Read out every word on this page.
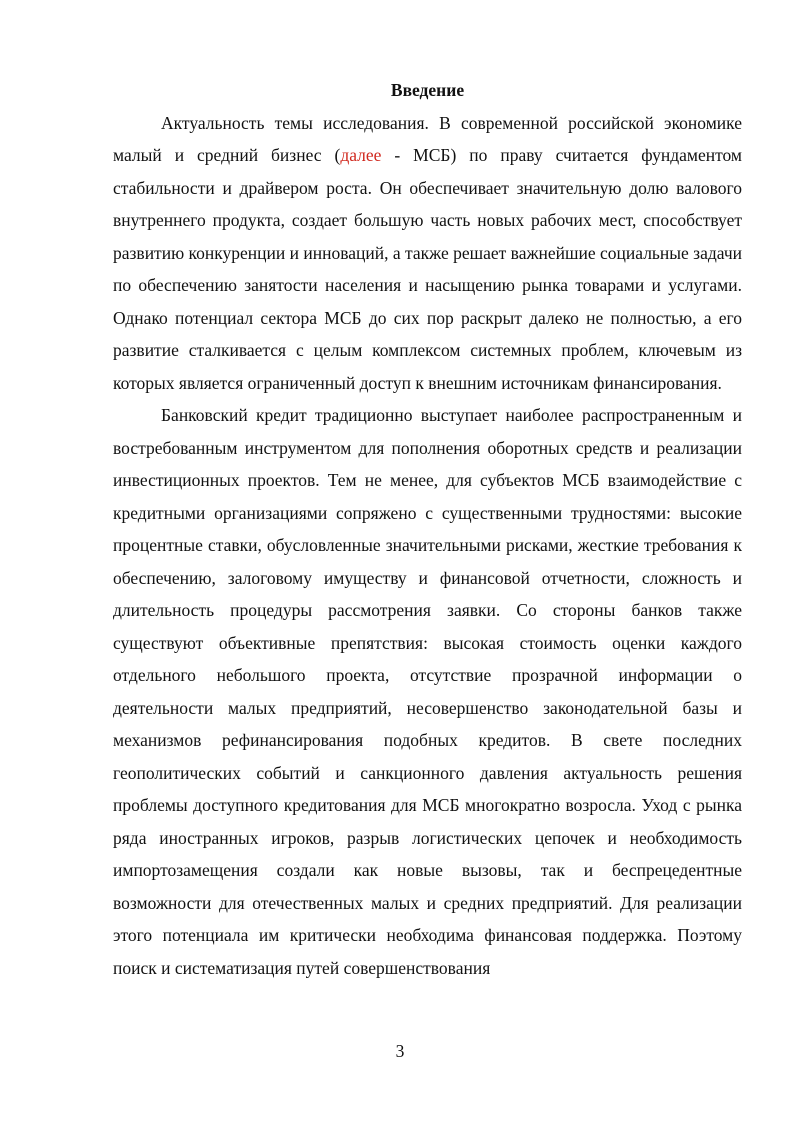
Введение

Актуальность темы исследования. В современной российской экономике малый и средний бизнес (далее - МСБ) по праву считается фундаментом стабильности и драйвером роста. Он обеспечивает значительную долю валового внутреннего продукта, создает большую часть новых рабочих мест, способствует развитию конкуренции и инноваций, а также решает важнейшие социальные задачи по обеспечению занятости населения и насыщению рынка товарами и услугами. Однако потенциал сектора МСБ до сих пор раскрыт далеко не полностью, а его развитие сталкивается с целым комплексом системных проблем, ключевым из которых является ограниченный доступ к внешним источникам финансирования.

Банковский кредит традиционно выступает наиболее распространенным и востребованным инструментом для пополнения оборотных средств и реализации инвестиционных проектов. Тем не менее, для субъектов МСБ взаимодействие с кредитными организациями сопряжено с существенными трудностями: высокие процентные ставки, обусловленные значительными рисками, жесткие требования к обеспечению, залоговому имуществу и финансовой отчетности, сложность и длительность процедуры рассмотрения заявки. Со стороны банков также существуют объективные препятствия: высокая стоимость оценки каждого отдельного небольшого проекта, отсутствие прозрачной информации о деятельности малых предприятий, несовершенство законодательной базы и механизмов рефинансирования подобных кредитов. В свете последних геополитических событий и санкционного давления актуальность решения проблемы доступного кредитования для МСБ многократно возросла. Уход с рынка ряда иностранных игроков, разрыв логистических цепочек и необходимость импортозамещения создали как новые вызовы, так и беспрецедентные возможности для отечественных малых и средних предприятий. Для реализации этого потенциала им критически необходима финансовая поддержка. Поэтому поиск и систематизация путей совершенствования

3
